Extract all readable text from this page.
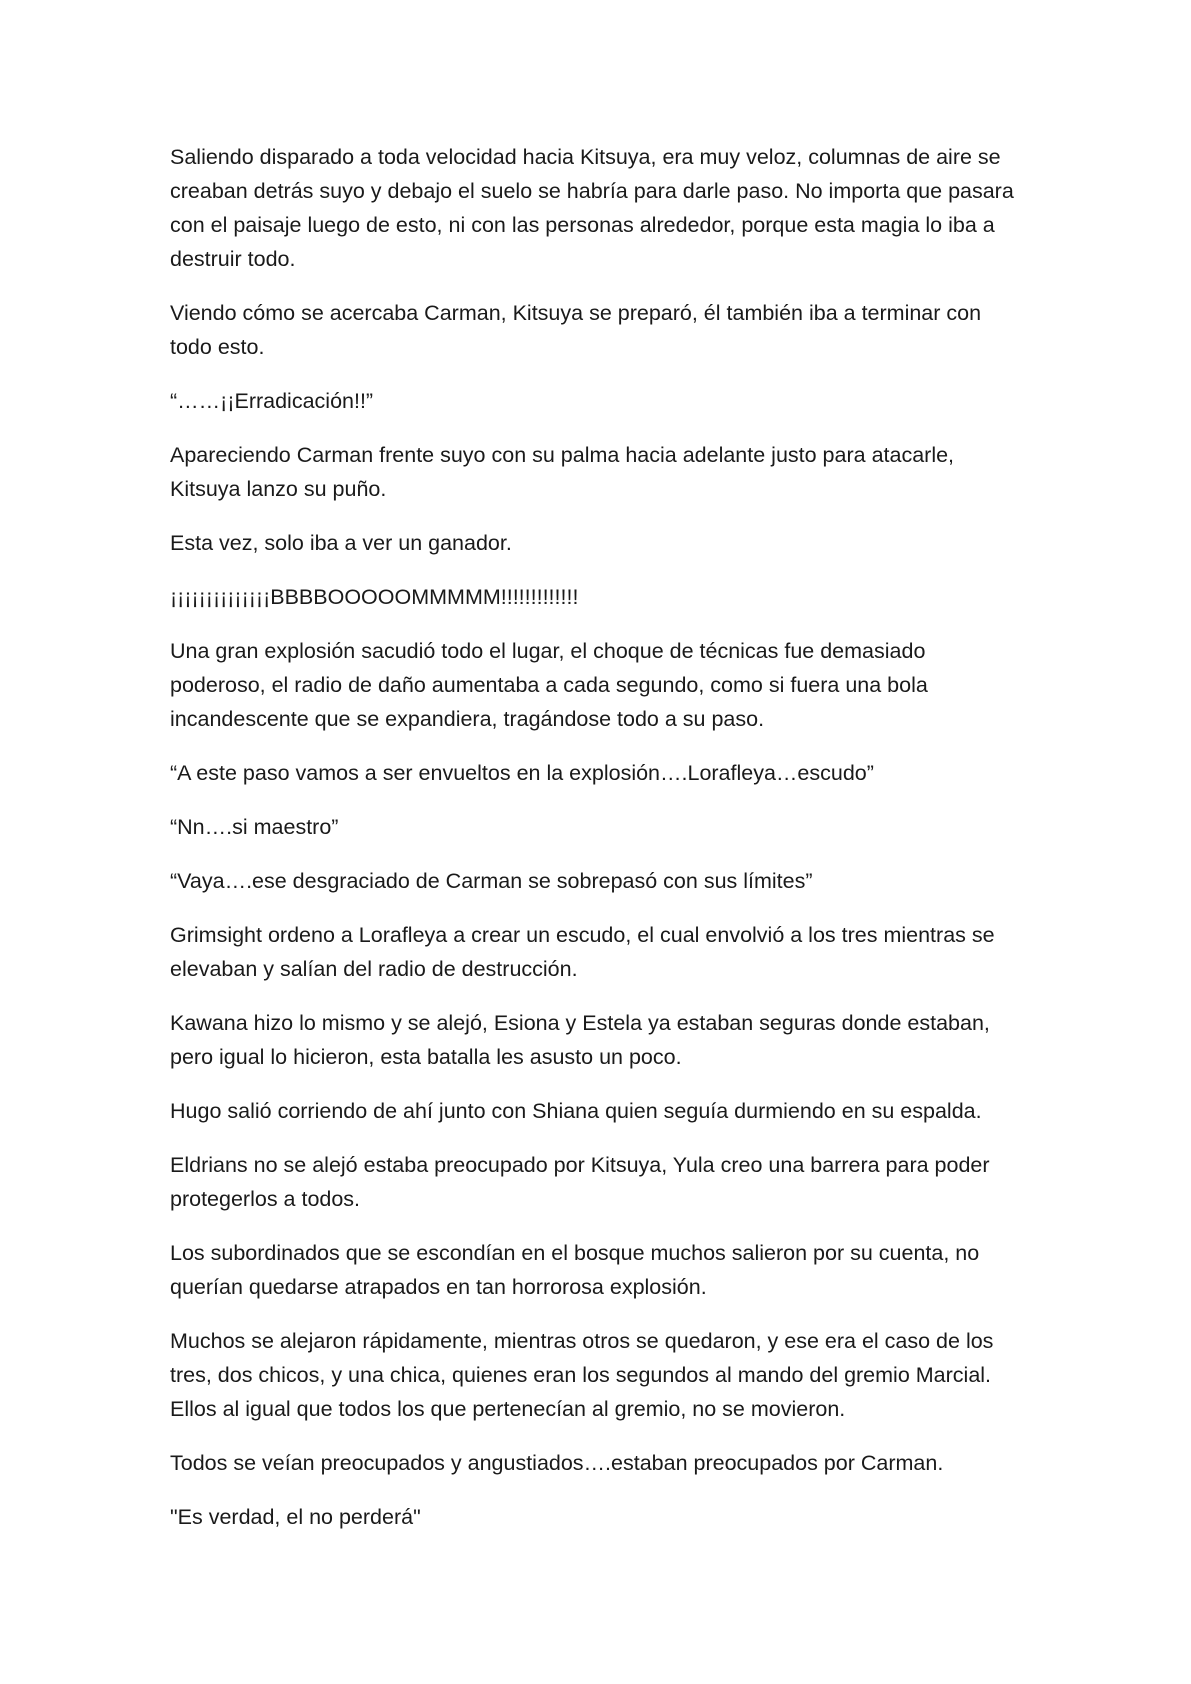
Saliendo disparado a toda velocidad hacia Kitsuya, era muy veloz, columnas de aire se creaban detrás suyo y debajo el suelo se habría para darle paso. No importa que pasara con el paisaje luego de esto, ni con las personas alrededor, porque esta magia lo iba a destruir todo.

Viendo cómo se acercaba Carman, Kitsuya se preparó, él también iba a terminar con todo esto.

“……¡¡Erradicación!!”

Apareciendo Carman frente suyo con su palma hacia adelante justo para atacarle, Kitsuya lanzo su puño.

Esta vez, solo iba a ver un ganador.

¡¡¡¡¡¡¡¡¡¡¡¡¡¡BBBBOOOOOMMMMM!!!!!!!!!!!!!

Una gran explosión sacudió todo el lugar, el choque de técnicas fue demasiado poderoso, el radio de daño aumentaba a cada segundo, como si fuera una bola incandescente que se expandiera, tragándose todo a su paso.

“A este paso vamos a ser envueltos en la explosión….Lorafleya…escudo”

“Nn….si maestro”

“Vaya….ese desgraciado de Carman se sobrepasó con sus límites”

Grimsight ordeno a Lorafleya a crear un escudo, el cual envolvió a los tres mientras se elevaban y salían del radio de destrucción.

Kawana hizo lo mismo y se alejó, Esiona y Estela ya estaban seguras donde estaban, pero igual lo hicieron, esta batalla les asusto un poco.

Hugo salió corriendo de ahí junto con Shiana quien seguía durmiendo en su espalda.

Eldrians no se alejó estaba preocupado por Kitsuya, Yula creo una barrera para poder protegerlos a todos.

Los subordinados que se escondían en el bosque muchos salieron por su cuenta, no querían quedarse atrapados en tan horrorosa explosión.

Muchos se alejaron rápidamente, mientras otros se quedaron, y ese era el caso de los tres, dos chicos, y una chica, quienes eran los segundos al mando del gremio Marcial. Ellos al igual que todos los que pertenecían al gremio, no se movieron.

Todos se veían preocupados y angustiados….estaban preocupados por Carman.

"Es verdad, el no perderá"
